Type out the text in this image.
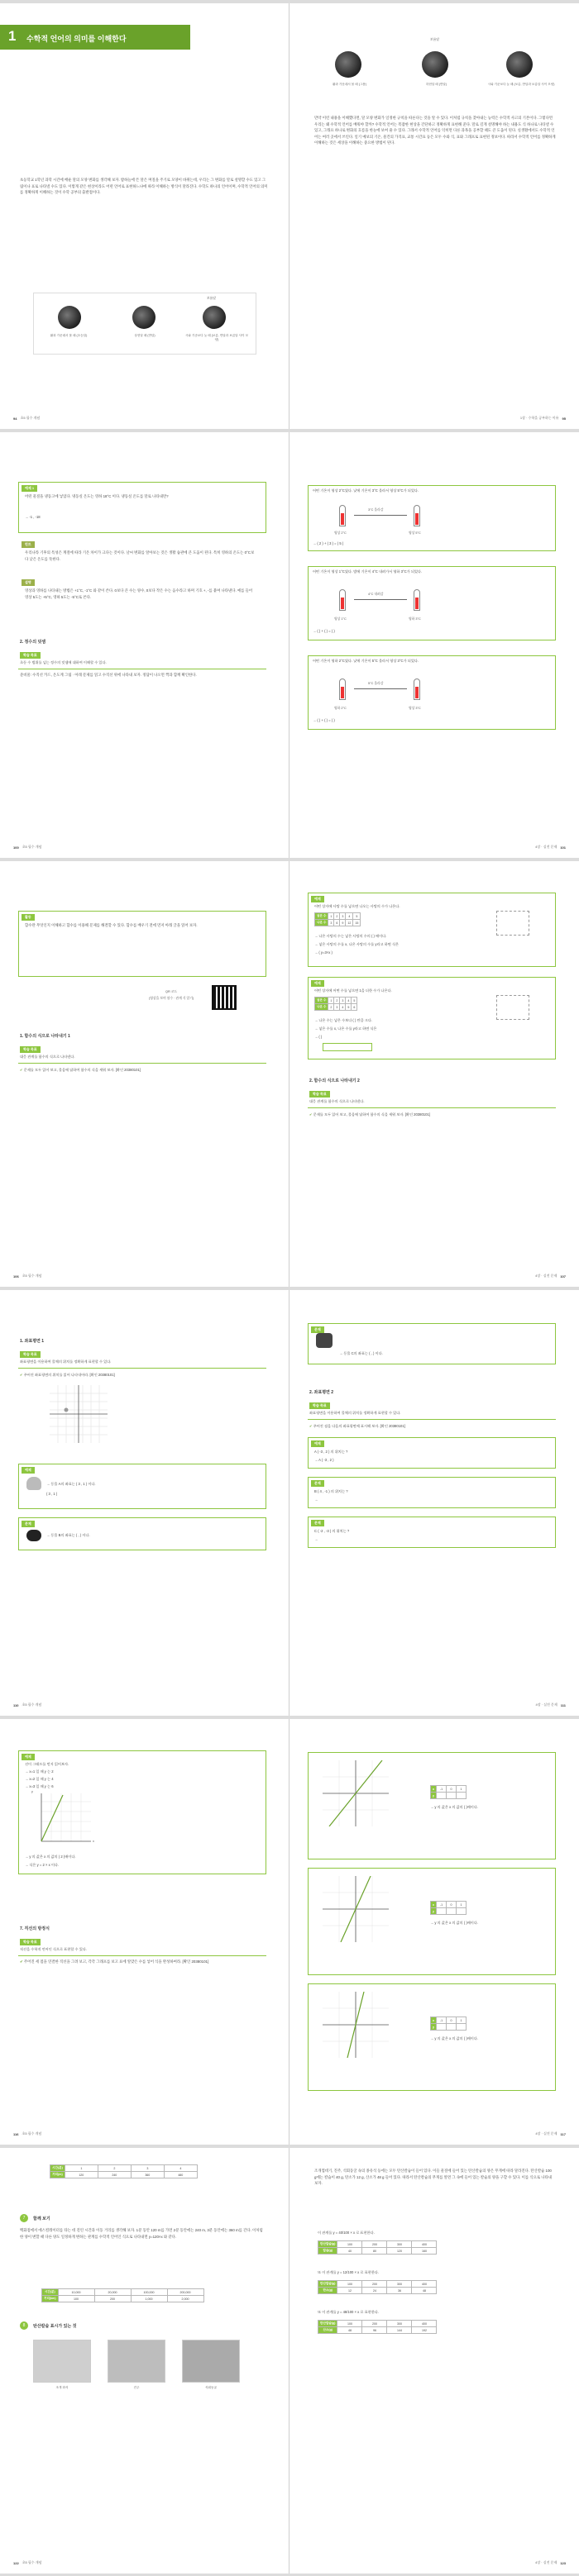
1 수학적 언어의 의미를 이해한다
초등학교 1학년 과학 시간에 배운 달의 모양 변화를 생각해 보자. 밤하늘에 뜬 달은 며칠을 주기로 모양이 바뀌는데, 우리는 그 변화를 말로 설명할 수도 있고 그림이나 표로 나타낼 수도 있다. 이렇게 같은 현상이라도 어떤 언어로 표현하느냐에 따라 이해하는 방식이 달라진다. 수학도 하나의 언어이며, 수학적 언어의 의미를 정확하게 이해하는 것이 수학 공부의 출발점이다.
보름달
활과 가운데서 볼 때 (초승달)	상현달 때 (반달)	시와 기준보다 늦 때 (보름, 반달과 보름달 사이 모양)
94 초5 필수 개념
보름달
활과 가운데서 볼 때 (그믐)	하현달 때 (반달)	시와 기준보다 늦 때 (보름, 반달과 보름달 사이 모양)
만약 이런 내용을 이해했다면, 달 모양 변화가 일정한 규칙을 따른다는 것을 알 수 있다. 이처럼 규칙을 찾아내는 능력은 수학적 사고의 기본이다. 그렇다면 우리는 왜 수학적 언어를 배워야 할까? 수학적 언어는 복잡한 현상을 간단하고 정확하게 표현해 준다. 말로 길게 설명해야 하는 내용도 식 하나로 나타낼 수 있고, 그래프 하나로 변화의 흐름을 한눈에 보여 줄 수 있다. 그래서 수학적 언어를 익히면 다른 과목을 공부할 때도 큰 도움이 된다. 실생활에서도 수학적 언어는 여러 곳에서 쓰인다. 일기 예보의 기온, 물건의 가격표, 교통 시간표 등은 모두 수와 식, 표와 그래프로 표현된 정보이다. 따라서 수학적 언어를 정확하게 이해하는 것은 세상을 이해하는 중요한 방법이 된다.
1장 · 수학을 공부하는 이유 95
예제 1
어떤 물질을 냉동고에 넣었다. 냉동실 온도는 영하 18°C 이다. 냉동실 온도를 말로 나타내면?
→ -1 , -18
힌트
우리나라 기후의 특성은 계절에 따라 기온 차이가 크다는 것이다. 날씨 변화를 알아보는 것은 생활 습관에 큰 도움이 된다. 특히 영하의 온도는 0°C보다 낮은 온도를 뜻한다.
설명
영상과 영하를 나타내는 방법은 +1°C, -1°C 와 같이 쓴다. 0보다 큰 수는 양수, 0보다 작은 수는 음수라고 하며 기호 +, -를 붙여 나타낸다. 예를 들어 영상 5도는 +5°C, 영하 5도는 -5°C로 쓴다.
2. 정수의 덧셈
학습 목표
초등 수 범위를 넘는 정수의 덧셈에 대하여 이해할 수 있다.
준비물: 수직선 카드, 온도계 그림 · 아래 문제를 읽고 수직선 위에 나타내 보자. 정답이 나오면 짝과 함께 확인한다.
100 초5 필수 개념
어떤 기온이 영상 2°C였다. 낮에 기온이 3°C 올라서 영상 5°C가 되었다.
3°C 올라감
영상 2°C	영상 5°C
→ ( 2 ) + ( 3 ) = ( 5 )
어떤 기온이 영상 1°C였다. 밤에 기온이 4°C 내려가서 영하 3°C가 되었다.
4°C 내려감
영상 1°C	영하 3°C
→ ( ) + ( ) = ( )
어떤 기온이 영하 2°C였다. 낮에 기온이 5°C 올라서 영상 3°C가 되었다.
5°C 올라감
영하 2°C	영상 3°C
→ ( ) + ( ) = ( )
4장 · 실전 문제 101
활동
함수란 무엇인지 이해하고 함수를 이용해 문제를 해결할 수 있다. 함수를 배우기 전에 먼저 아래 글을 읽어 보자.
QR 코드
(영상을 보며 함수 · 관계 식 알기)
1. 함수의 식으로 나타내기 1
학습 목표
대응 관계를 함수의 식으로 나타낸다.
✔ 문제를 모두 읽어 보고, 물음에 답하여 함수의 식을 세워 보자. [확인 20380101]
106 초5 필수 개념
예제
어떤 상자에 사탕 수를 넣으면 나오는 사탕의 수가 나온다.
넣은 수	1	2	3	4	5
나온 수	3	6	9	12	15
→ 나온 사탕의 수는 넣은 사탕의 수의 ( ) 배이다.
→ 넣은 사탕의 수를 x, 나온 사탕의 수를 y라고 하면 식은
→ ( y=3×x )
예제
어떤 상자에 어떤 수를 넣으면 1을 더한 수가 나온다.
넣은 수	1	2	3	4	5
나온 수	2	3	4	5	6
→ 나온 수는 넣은 수보다 ( ) 만큼 크다.
→ 넣은 수를 x, 나온 수를 y라고 하면 식은
→ ( )
2. 함수의 식으로 나타내기 2
학습 목표
대응 관계를 함수의 식으로 나타낸다.
✔ 문제를 모두 읽어 보고, 물음에 답하여 함수의 식을 세워 보자. [확인 20380101]
4장 · 실전 문제 107
1. 좌표평면 1
학습 목표
좌표평면을 이용하여 물체의 위치를 정확하게 표현할 수 있다.
✔ 주어진 좌표평면의 위치를 읽어 나타내어라. [확인 20380101]
예제
→ 동물 A의 좌표는 ( 3 , 1 ) 이다.
( 3 , 1 )
문제
→ 동물 B의 좌표는 ( , ) 이다.
110 초5 필수 개념
문제
→ 동물 C의 좌표는 ( , ) 이다.
2. 좌표평면 2
학습 목표
좌표평면을 이용하여 물체의 위치를 정확하게 표현할 수 있다.
✔ 주어진 점을 다음의 좌표평면에 표시해 보자. [확인 20380101]
예제
A ( -3 , 2 ) 의 위치는 ?
→ A ( -3 , 2 )
문제
B ( 4 , -1 ) 의 위치는 ?
→
문제
C ( -2 , -3 ) 의 위치는 ?
→
4장 · 실전 문제 111
예제
선이 그래프를 먼저 읽어보자.
→ x=1 일 때 y 는 2
→ x=2 일 때 y 는 4
→ x=3 일 때 y 는 6
y
x
→ y 의 값은 x 의 값의 ( 2 )배이다.
→ 식은 y = 2 × x 이다.
7. 직선의 방정식
학습 목표
직선을 수학적 언어인 식으로 표현할 수 있다.
✔ 주어진 세 점을 연결한 직선을 그려 보고, 각각 그래프를 보고 표에 알맞은 수를 넣어 식을 완성하여라. [확인 20380101]
116 초5 필수 개념
x	-1	0	1
y			
→ y 의 값은 x 의 값의 ( )배이다.
x	-1	0	1
y			
→ y 의 값은 x 의 값의 ( )배이다.
x	-1	0	1
y			
→ y 의 값은 x 의 값의 ( )배이다.
4장 · 실전 문제 117
시간(분)	1	2	3	4
거리(m)	120	240	360	480
7	함께 보기
백화점에서 에스컬레이터를 타는 데 걸린 시간과 이동 거리를 생각해 보자. 1분 동안 120 m를 가면 2분 동안에는 240 m, 3분 동안에는 360 m를 간다. 이처럼 한 양이 변할 때 다른 양도 일정하게 변하는 관계를 수학적 언어인 식으로 나타내면 y=120×x 와 같다.
시간(분)	10,000	20,000	100,000	200,000
거리(km)	100	200	1,000	2,000
8	탄산칼슘 표시가 있는 것
조개 화석	진주	석회동굴
122 초5 필수 개념
조개껍데기, 진주, 석회동굴 속의 종유석 등에는 모두 탄산칼슘이 들어 있다. 이들 물질에 들어 있는 탄산칼슘의 양은 무게에 따라 달라진다. 탄산칼슘 100 g에는 칼슘이 40 g, 탄소가 12 g, 산소가 48 g 들어 있다. 따라서 탄산칼슘의 무게를 알면 그 속에 들어 있는 칼슘의 양을 구할 수 있다. 이를 식으로 나타내 보자.
이 관계를 y = 40/100 × x 로 표현한다.
탄산칼슘(g)	100	200	300	400
칼슘(g)	40	80	120	160
또 이 관계를 y = 12/100 × x 로 표현한다.
탄산칼슘(g)	100	200	300	400
탄소(g)	12	24	36	48
또 이 관계를 y = 48/100 × x 로 표현한다.
탄산칼슘(g)	100	200	300	400
산소(g)	48	96	144	192
4장 · 실전 문제 123
